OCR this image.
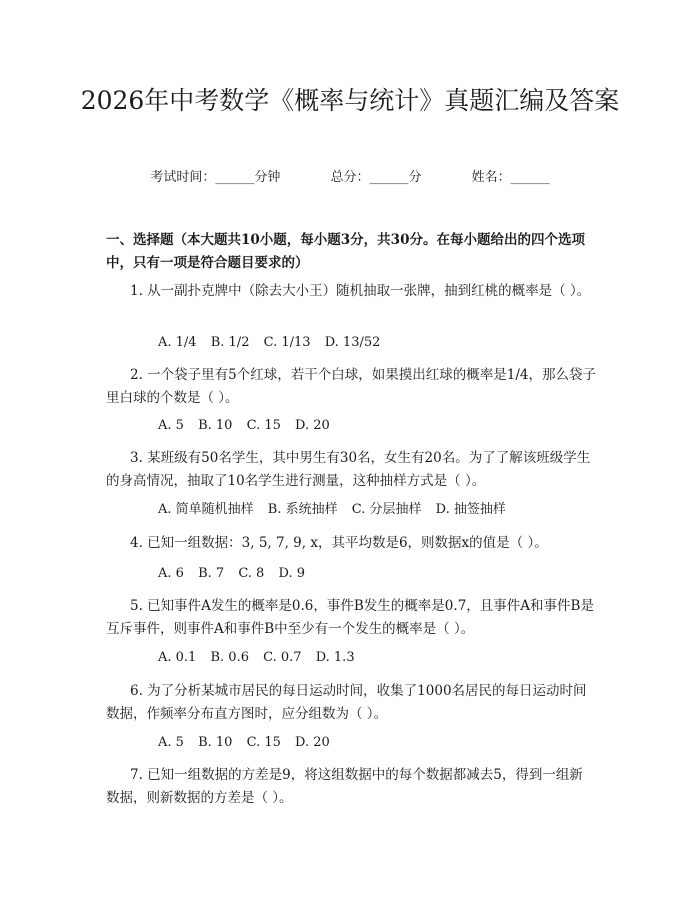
2026年中考数学《概率与统计》真题汇编及答案
考试时间：______分钟	总分：______分	姓名：______

一、选择题（本大题共10小题，每小题3分，共30分。在每小题给出的四个选项中，只有一项是符合题目要求的）

1. 从一副扑克牌中（除去大小王）随机抽取一张牌，抽到红桃的概率是（ ）。

A. 1/4 B. 1/2 C. 1/13 D. 13/52

2. 一个袋子里有5个红球，若干个白球，如果摸出红球的概率是1/4，那么袋子里白球的个数是（ ）。

A. 5 B. 10 C. 15 D. 20

3. 某班级有50名学生，其中男生有30名，女生有20名。为了了解该班级学生的身高情况，抽取了10名学生进行测量，这种抽样方式是（ ）。

A. 简单随机抽样 B. 系统抽样 C. 分层抽样 D. 抽签抽样

4. 已知一组数据：3, 5, 7, 9, x，其平均数是6，则数据x的值是（ ）。

A. 6 B. 7 C. 8 D. 9

5. 已知事件A发生的概率是0.6，事件B发生的概率是0.7，且事件A和事件B是互斥事件，则事件A和事件B中至少有一个发生的概率是（ ）。

A. 0.1 B. 0.6 C. 0.7 D. 1.3

6. 为了分析某城市居民的每日运动时间，收集了1000名居民的每日运动时间数据，作频率分布直方图时，应分组数为（ ）。

A. 5 B. 10 C. 15 D. 20

7. 已知一组数据的方差是9，将这组数据中的每个数据都减去5，得到一组新数据，则新数据的方差是（ ）。
